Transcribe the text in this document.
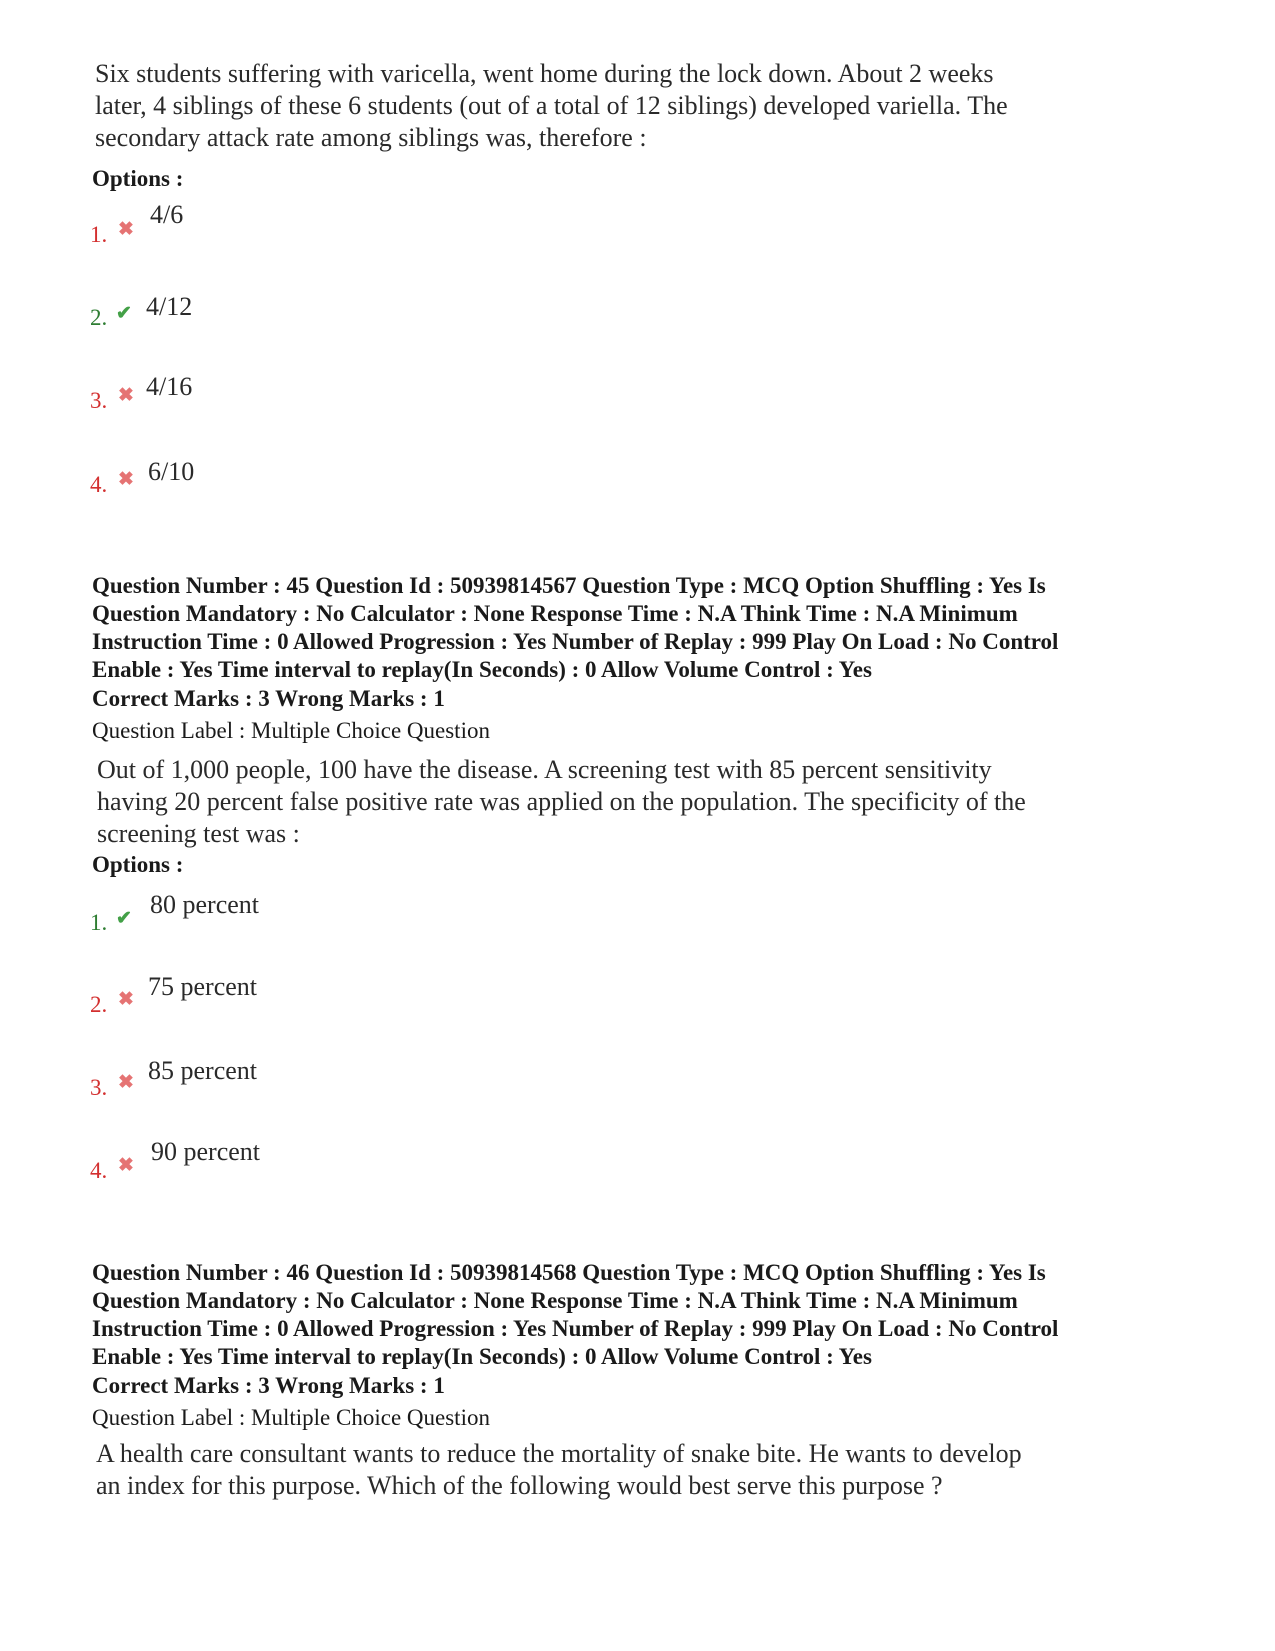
Six students suffering with varicella, went home during the lock down. About 2 weeks
later, 4 siblings of these 6 students (out of a total of 12 siblings) developed variella. The
secondary attack rate among siblings was, therefore :
Options :
1. ✖
4/6
2. ✔ 4/12
3. ✖ 4/16
4. ✖ 6/10
Question Number : 45 Question Id : 50939814567 Question Type : MCQ Option Shuffling : Yes Is
Question Mandatory : No Calculator : None Response Time : N.A Think Time : N.A Minimum
Instruction Time : 0 Allowed Progression : Yes Number of Replay : 999 Play On Load : No Control
Enable : Yes Time interval to replay(In Seconds) : 0 Allow Volume Control : Yes
Correct Marks : 3 Wrong Marks : 1
Question Label : Multiple Choice Question
Out of 1,000 people, 100 have the disease. A screening test with 85 percent sensitivity
having 20 percent false positive rate was applied on the population. The specificity of the
screening test was :
Options :
1. ✔ 80 percent
2. ✖ 75 percent
3. ✖ 85 percent
4. ✖ 90 percent
Question Number : 46 Question Id : 50939814568 Question Type : MCQ Option Shuffling : Yes Is
Question Mandatory : No Calculator : None Response Time : N.A Think Time : N.A Minimum
Instruction Time : 0 Allowed Progression : Yes Number of Replay : 999 Play On Load : No Control
Enable : Yes Time interval to replay(In Seconds) : 0 Allow Volume Control : Yes
Correct Marks : 3 Wrong Marks : 1
Question Label : Multiple Choice Question
A health care consultant wants to reduce the mortality of snake bite. He wants to develop
an index for this purpose. Which of the following would best serve this purpose ?
